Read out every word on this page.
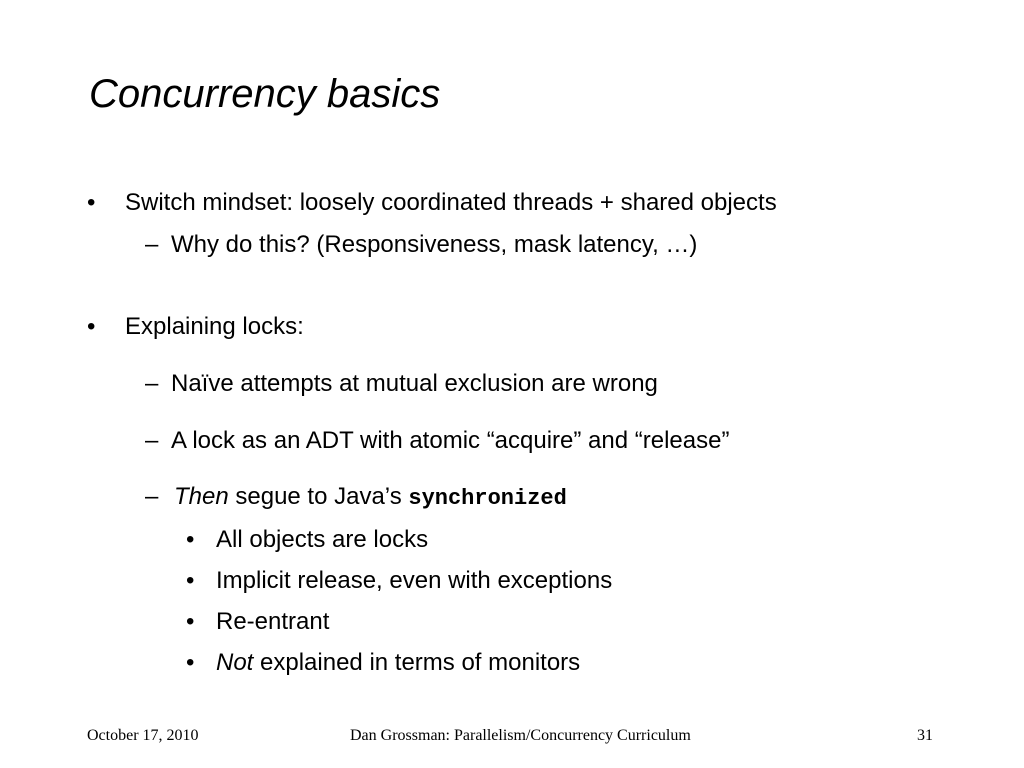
Concurrency basics
• Switch mindset: loosely coordinated threads + shared objects
– Why do this? (Responsiveness, mask latency, …)
• Explaining locks:
– Naïve attempts at mutual exclusion are wrong
– A lock as an ADT with atomic “acquire” and “release”
– Then segue to Java’s synchronized
• All objects are locks
• Implicit release, even with exceptions
• Re-entrant
• Not explained in terms of monitors
October 17, 2010	Dan Grossman: Parallelism/Concurrency Curriculum	31
